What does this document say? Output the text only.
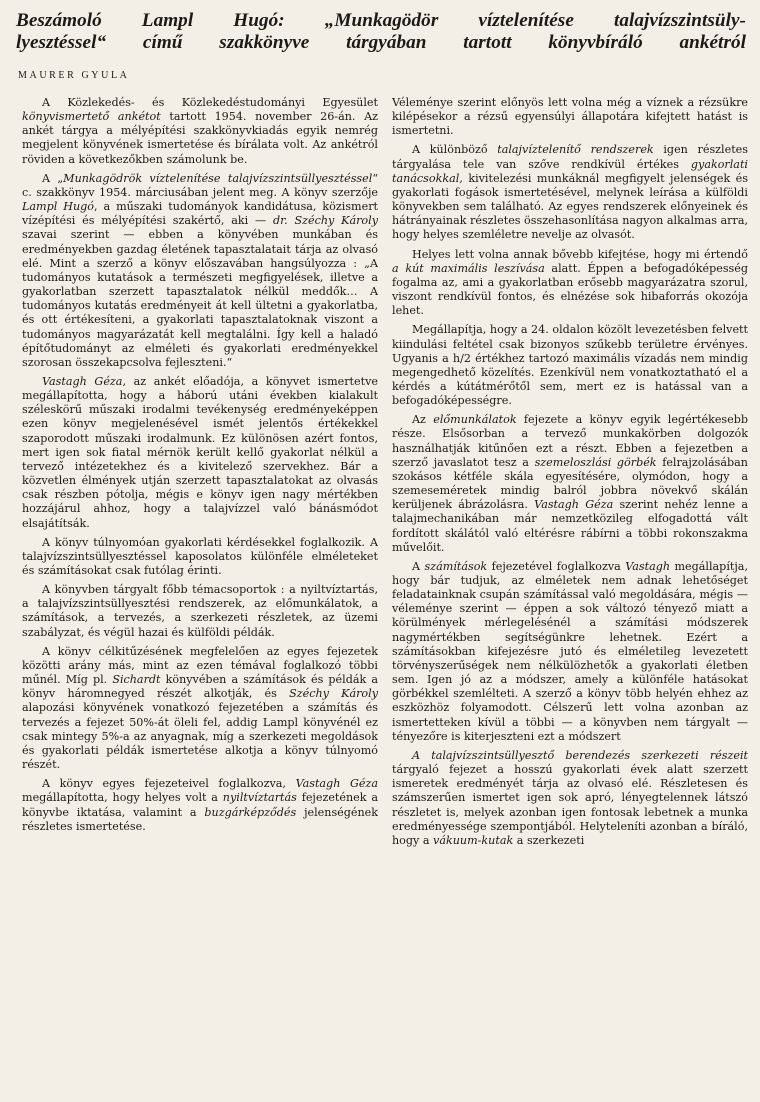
Beszámoló Lampl Hugó: „Munkagödör víztelenítése talajvízszintsüly-
lyesztéssel“ című szakkönyve tárgyában tartott könyvbíráló ankétról
MAURER GYULA

A Közlekedés- és Közlekedéstudományi Egyesület könyvismertető ankétot tartott 1954. november 26-án. Az ankét tárgya a mélyépítési szakkönyvkiadás egyik nemrég megjelent könyvének ismertetése és bírálata volt. Az ankétról röviden a következőkben számolunk be.

A „Munkagödrök víztelenítése talajvízszintsüllyesztéssel“ c. szakkönyv 1954. márciusában jelent meg. A könyv szerzője Lampl Hugó, a műszaki tudományok kandidátusa, közismert vízépítési és mélyépítési szakértő, aki — dr. Széchy Károly szavai szerint — ebben a könyvében munkában és eredményekben gazdag életének tapasztalatait tárja az olvasó elé. Mint a szerző a könyv előszavában hangsúlyozza : „A tudományos kutatások a természeti megfigyelések, illetve a gyakorlatban szerzett tapasztalatok nélkül meddők… A tudományos kutatás eredményeit át kell ültetni a gyakorlatba, és ott értékesíteni, a gyakorlati tapasztalatoknak viszont a tudományos magyarázatát kell megtalálni. Így kell a haladó építőtudományt az elméleti és gyakorlati eredményekkel szorosan összekapcsolva fejleszteni.“

Vastagh Géza, az ankét előadója, a könyvet ismertetve megállapította, hogy a háború utáni években kialakult széleskörű műszaki irodalmi tevékenység eredményeképpen ezen könyv megjelenésével ismét jelentős értékekkel szaporodott műszaki irodalmunk. Ez különösen azért fontos, mert igen sok fiatal mérnök került kellő gyakorlat nélkül a tervező intézetekhez és a kivitelező szervekhez. Bár a közvetlen élmények utján szerzett tapasztalatokat az olvasás csak részben pótolja, mégis e könyv igen nagy mértékben hozzájárul ahhoz, hogy a talajvízzel való bánásmódot elsajátítsák.

A könyv túlnyomóan gyakorlati kérdésekkel foglalkozik. A talajvízszintsüllyesztéssel kaposolatos különféle elméleteket és számításokat csak futólag érinti.

A könyvben tárgyalt főbb témacsoportok : a nyiltvíztartás, a talajvízszintsüllyesztési rendszerek, az előmunkálatok, a számítások, a tervezés, a szerkezeti részletek, az üzemi szabályzat, és végül hazai és külföldi példák.

A könyv célkitűzésének megfelelően az egyes fejezetek közötti arány más, mint az ezen témával foglalkozó többi műnél. Míg pl. Sichardt könyvében a számítások és példák a könyv háromnegyed részét alkotják, és Széchy Károly alapozási könyvének vonatkozó fejezetében a számítás és tervezés a fejezet 50%-át öleli fel, addig Lampl könyvénél ez csak mintegy 5%-a az anyagnak, míg a szerkezeti megoldások és gyakorlati példák ismertetése alkotja a könyv túlnyomó részét.

A könyv egyes fejezeteivel foglalkozva, Vastagh Géza megállapította, hogy helyes volt a nyiltvíztartás fejezetének a könyvbe iktatása, valamint a buzgárképződés jelenségének részletes ismertetése.

Véleménye szerint előnyös lett volna még a víznek a rézsükre kilépésekor a rézsű egyensúlyi állapotára kifejtett hatást is ismertetni.

A különböző talajvíztelenítő rendszerek igen részletes tárgyalása tele van szőve rendkívül értékes gyakorlati tanácsokkal, kivitelezési munkáknál megfigyelt jelenségek és gyakorlati fogások ismertetésével, melynek leírása a külföldi könyvekben sem található. Az egyes rendszerek előnyeinek és hátrányainak részletes összehasonlítása nagyon alkalmas arra, hogy helyes szemléletre nevelje az olvasót.

Helyes lett volna annak bővebb kifejtése, hogy mi értendő a kút maximális leszívása alatt. Éppen a befogadóképesség fogalma az, ami a gyakorlatban erősebb magyarázatra szorul, viszont rendkívül fontos, és elnézése sok hibaforrás okozója lehet.

Megállapítja, hogy a 24. oldalon közölt levezetésben felvett kiindulási feltétel csak bizonyos szűkebb területre érvényes. Ugyanis a h/2 értékhez tartozó maximális vízadás nem mindig megengedhető közelítés. Ezenkívül nem vonatkoztatható el a kérdés a kútátmérőtől sem, mert ez is hatással van a befogadóképességre.

Az előmunkálatok fejezete a könyv egyik legértékesebb része. Elsősorban a tervező munkakörben dolgozók használhatják kitűnően ezt a részt. Ebben a fejezetben a szerző javaslatot tesz a szemeloszlási görbék felrajzolásában szokásos kétféle skála egyesítésére, olymódon, hogy a szemeseméretek mindig balról jobbra növekvő skálán kerüljenek ábrázolásra. Vastagh Géza szerint nehéz lenne a talajmechanikában már nemzetközileg elfogadottá vált fordított skálától való eltérésre rábírni a többi rokonszakma művelőit.

A számítások fejezetével foglalkozva Vastagh megállapítja, hogy bár tudjuk, az elméletek nem adnak lehetőséget feladatainknak csupán számítással való megoldására, mégis — véleménye szerint — éppen a sok változó tényező miatt a körülmények mérlegelésénél a számítási módszerek nagymértékben segítségünkre lehetnek. Ezért a számításokban kifejezésre jutó és elméletileg levezetett törvényszerűségek nem nélkülözhetők a gyakorlati életben sem. Igen jó az a módszer, amely a különféle hatásokat görbékkel szemlélteti. A szerző a könyv több helyén ehhez az eszközhöz folyamodott. Célszerű lett volna azonban az ismertetteken kívül a többi — a könyvben nem tárgyalt — tényezőre is kiterjeszteni ezt a módszert

A talajvízszintsüllyesztő berendezés szerkezeti részeit tárgyaló fejezet a hosszú gyakorlati évek alatt szerzett ismeretek eredményét tárja az olvasó elé. Részletesen és számszerűen ismertet igen sok apró, lényegtelennek látszó részletet is, melyek azonban igen fontosak lebetnek a munka eredményessége szempontjából. Helyteleníti azonban a bíráló, hogy a vákuum-kutak a szerkezeti
